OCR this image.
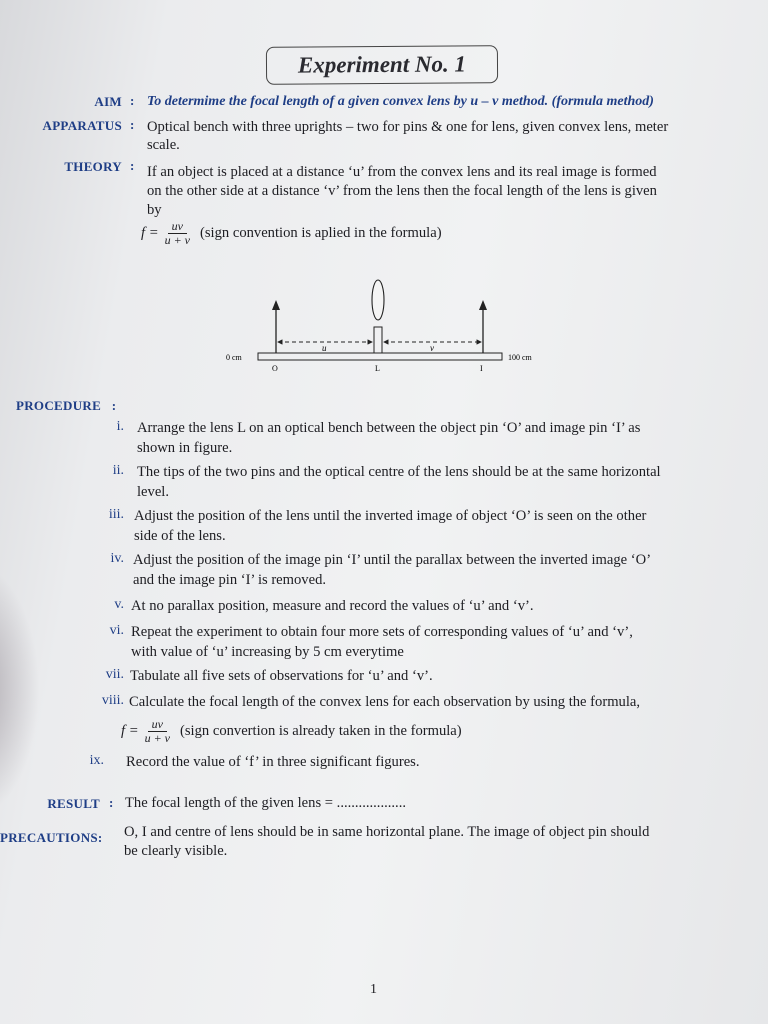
Experiment No. 1
AIM : To determime the focal length of a given convex lens by u – v method. (formula method)
APPARATUS : Optical bench with three uprights – two for pins & one for lens, given convex lens, meter
scale.
THEORY : If an object is placed at a distance ‘u’ from the convex lens and its real image is formed
on the other side at a distance ‘v’ from the lens then the focal length of the lens is given
by
$f = \frac{uv}{u + v}$ (sign convention is aplied in the formula)
u	v
0 cm	100 cm
O	L	I
PROCEDURE   :
i. Arrange the lens L on an optical bench between the object pin ‘O’ and image pin ‘I’ as
shown in figure.
ii. The tips of the two pins and the optical centre of the lens should be at the same horizontal
level.
iii. Adjust the position of the lens until the inverted image of object ‘O’ is seen on the other
side of the lens.
iv. Adjust the position of the image pin ‘I’ until the parallax between the inverted image ‘O’
and the image pin ‘I’ is removed.
v. At no parallax position, measure and record the values of ‘u’ and ‘v’.
vi. Repeat the experiment to obtain four more sets of corresponding values of ‘u’ and ‘v’,
with value of ‘u’ increasing by 5 cm everytime
vii. Tabulate all five sets of observations for ‘u’ and ‘v’.
viii. Calculate the focal length of the convex lens for each observation by using the formula,
ix. Record the value of ‘f’ in three significant figures.
$f = \frac{uv}{u + v}$ (sign convertion is already taken in the formula)
RESULT : The focal length of the given lens = ...................
PRECAUTIONS: O, I and centre of lens should be in same horizontal plane. The image of object pin should
be clearly visible.
1
